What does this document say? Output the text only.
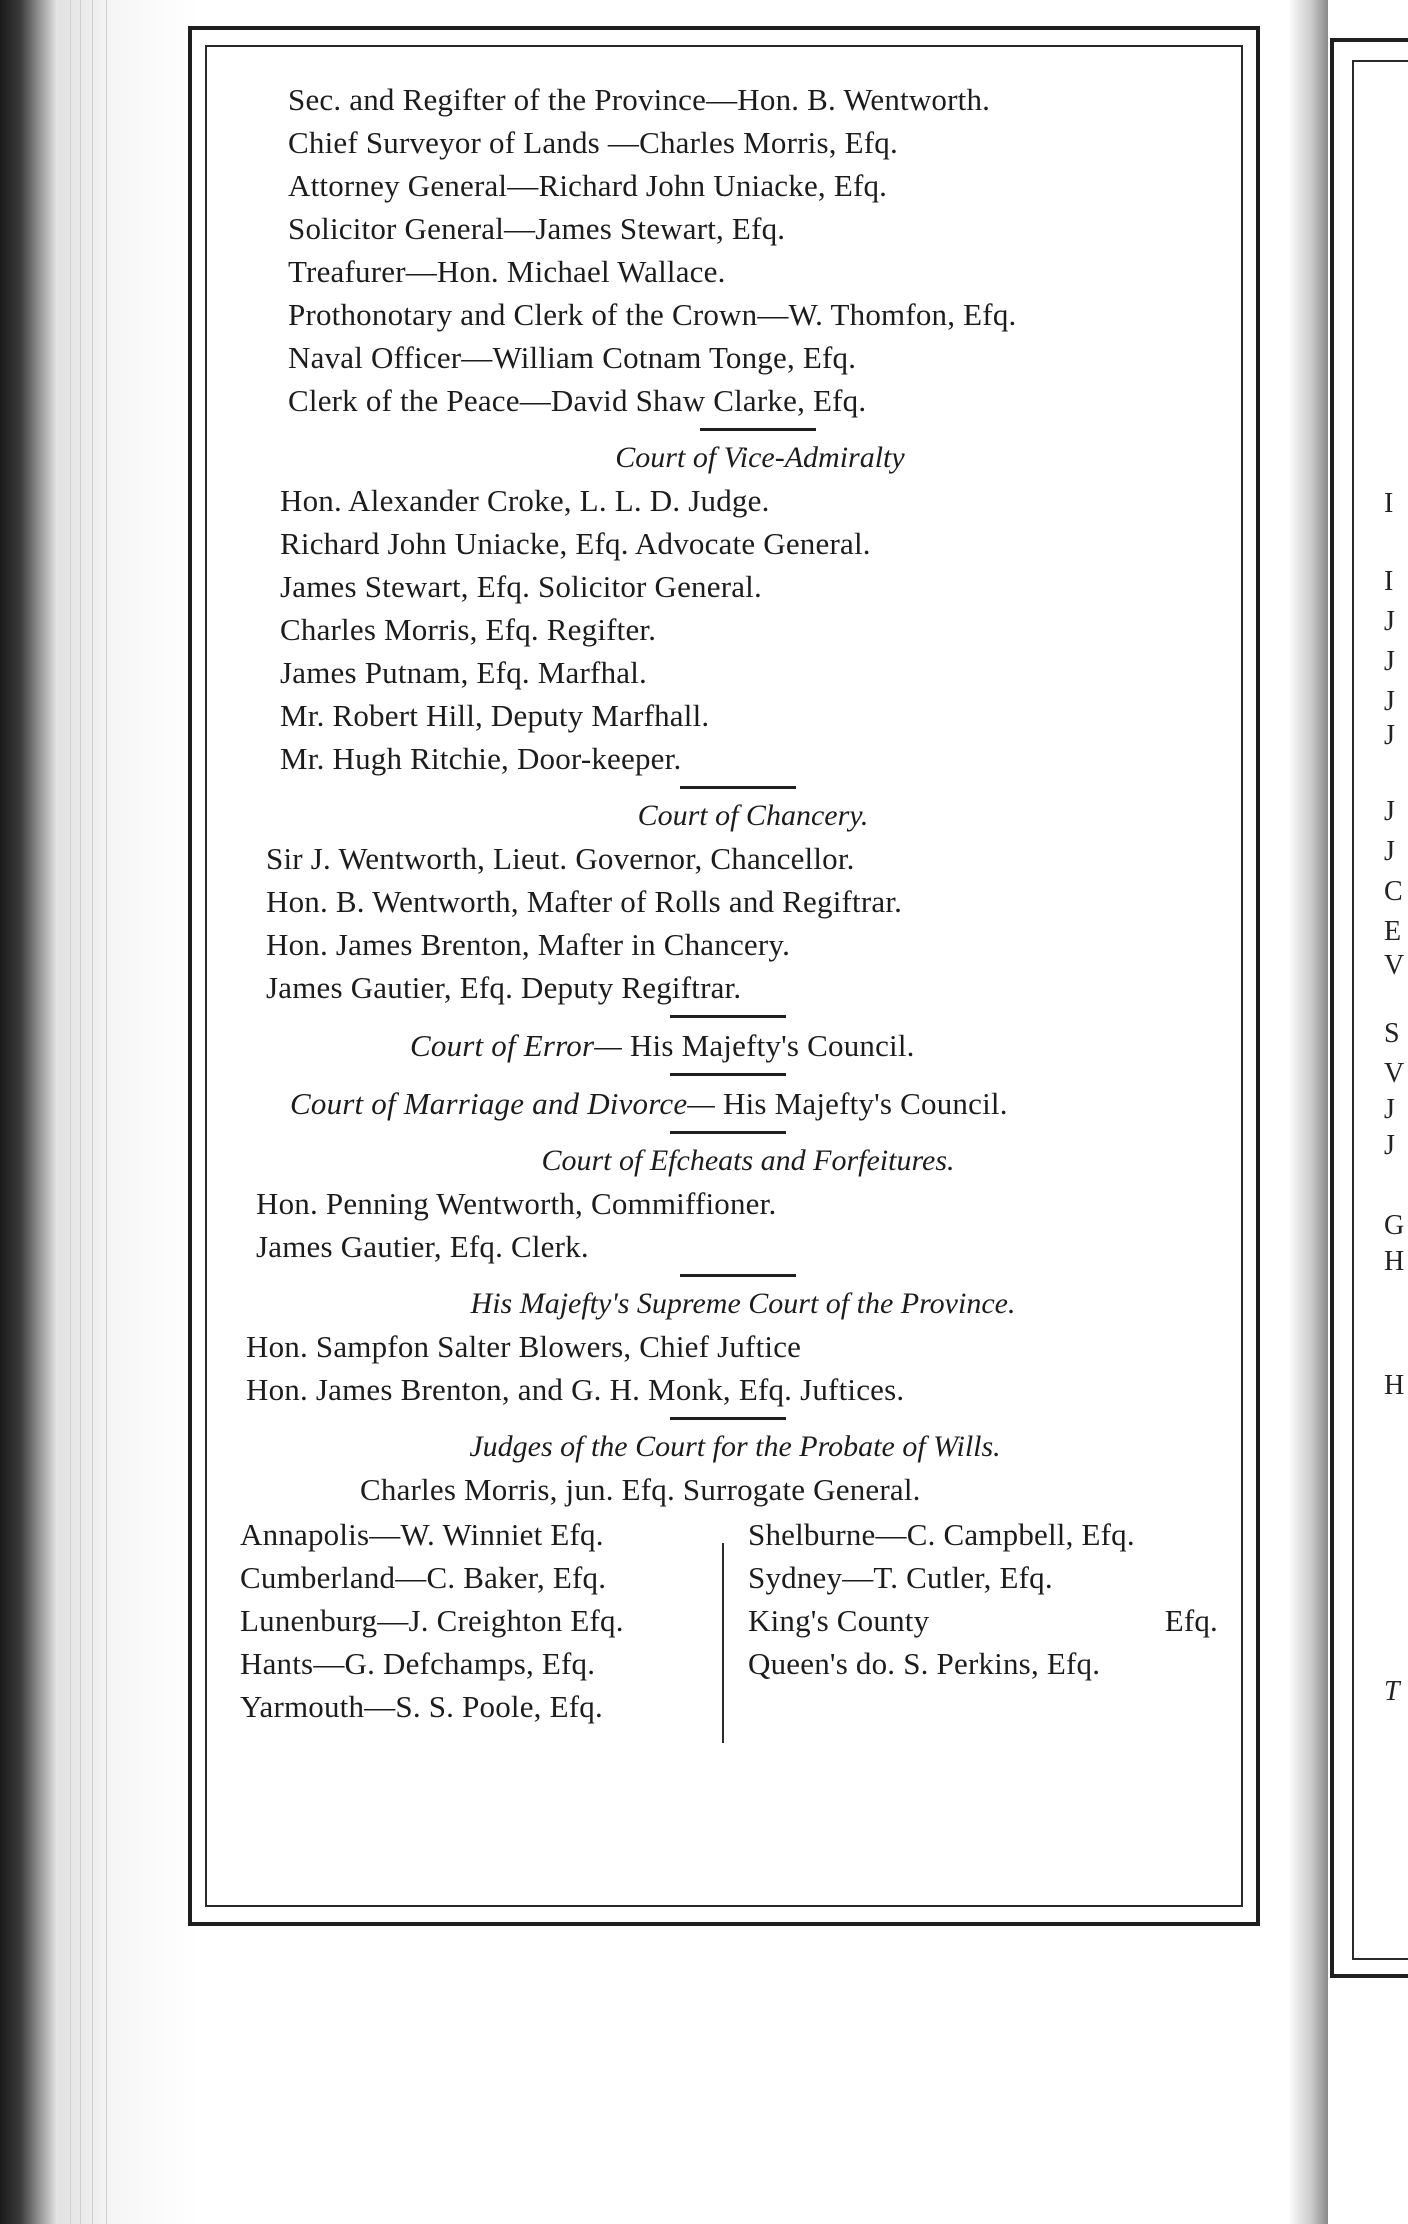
I
I
J
J
J
J
J
J
C
E
V
S
V
J
J
G
H
H
T
Sec. and Regifter of the Province—Hon. B. Wentworth.
Chief Surveyor of Lands —Charles Morris, Efq.
Attorney General—Richard John Uniacke, Efq.
Solicitor General—James Stewart, Efq.
Treafurer—Hon. Michael Wallace.
Prothonotary and Clerk of the Crown—W. Thomfon, Efq.
Naval Officer—William Cotnam Tonge, Efq.
Clerk of the Peace—David Shaw Clarke, Efq.
Court of Vice-Admiralty
Hon. Alexander Croke, L. L. D. Judge.
Richard John Uniacke, Efq. Advocate General.
James Stewart, Efq. Solicitor General.
Charles Morris, Efq. Regifter.
James Putnam, Efq. Marfhal.
Mr. Robert Hill, Deputy Marfhall.
Mr. Hugh Ritchie, Door-keeper.
Court of Chancery.
Sir J. Wentworth, Lieut. Governor, Chancellor.
Hon. B. Wentworth, Mafter of Rolls and Regiftrar.
Hon. James Brenton, Mafter in Chancery.
James Gautier, Efq. Deputy Regiftrar.
Court of Error— His Majefty's Council.
Court of Marriage and Divorce— His Majefty's Council.
Court of Efcheats and Forfeitures.
Hon. Penning Wentworth, Commiffioner.
James Gautier, Efq. Clerk.
His Majefty's Supreme Court of the Province.
Hon. Sampfon Salter Blowers, Chief Juftice
Hon. James Brenton, and G. H. Monk, Efq. Juftices.
Judges of the Court for the Probate of Wills.
Charles Morris, jun. Efq. Surrogate General.
Annapolis—W. Winniet Efq.
Cumberland—C. Baker, Efq.
Lunenburg—J. Creighton Efq.
Hants—G. Defchamps, Efq.
Yarmouth—S. S. Poole, Efq.
Shelburne—C. Campbell, Efq.
Sydney—T. Cutler, Efq.
King's County	Efq.
Queen's do. S. Perkins, Efq.
